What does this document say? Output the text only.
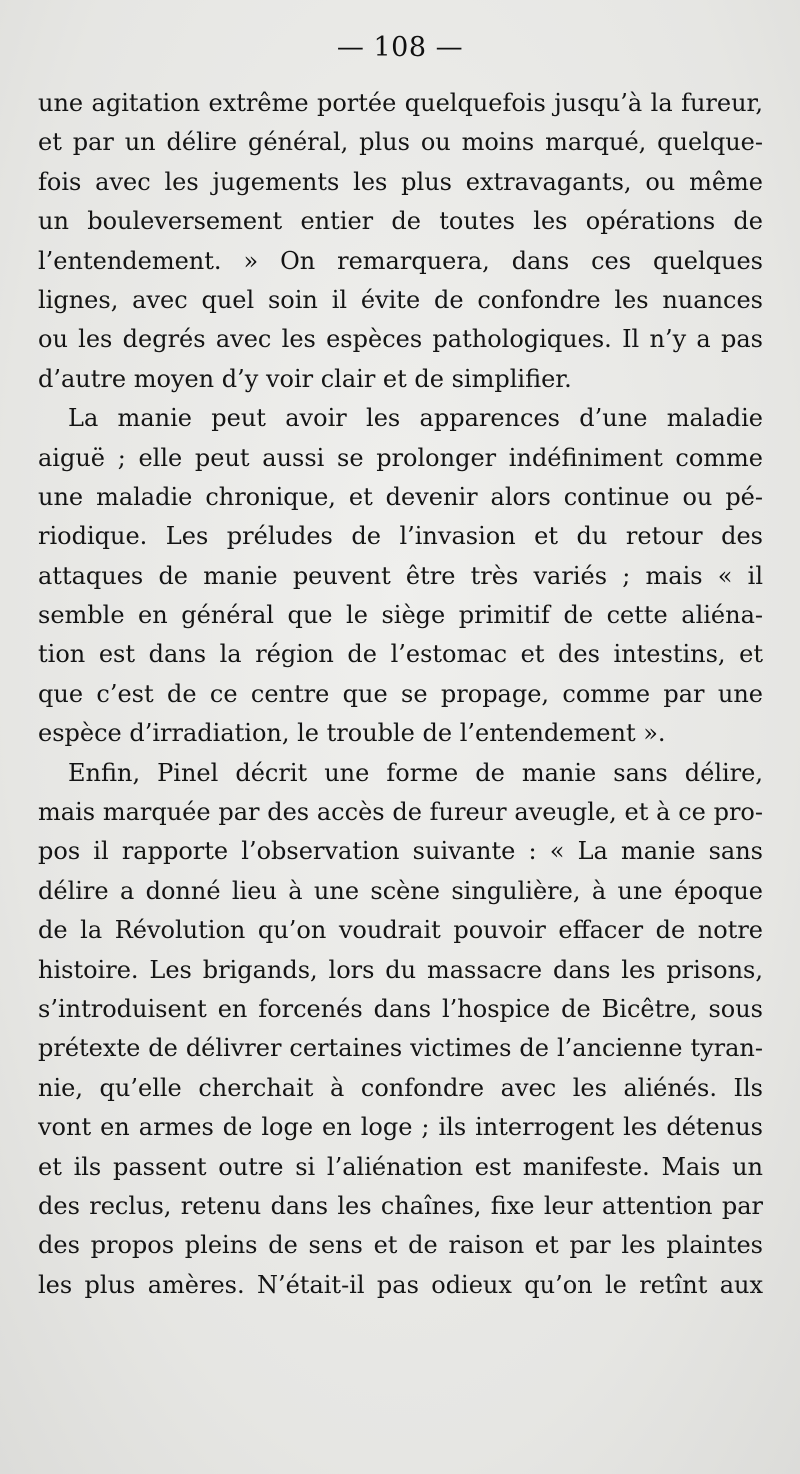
— 108 —
une agitation extrême portée quelquefois jusqu’à la fureur,
et par un délire général, plus ou moins marqué, quelque-
fois avec les jugements les plus extravagants, ou même
un bouleversement entier de toutes les opérations de
l’entendement. » On remarquera, dans ces quelques
lignes, avec quel soin il évite de confondre les nuances
ou les degrés avec les espèces pathologiques. Il n’y a pas
d’autre moyen d’y voir clair et de simplifier.
La manie peut avoir les apparences d’une maladie
aiguë ; elle peut aussi se prolonger indéfiniment comme
une maladie chronique, et devenir alors continue ou pé-
riodique. Les préludes de l’invasion et du retour des
attaques de manie peuvent être très variés ; mais « il
semble en général que le siège primitif de cette aliéna-
tion est dans la région de l’estomac et des intestins, et
que c’est de ce centre que se propage, comme par une
espèce d’irradiation, le trouble de l’entendement ».
Enfin, Pinel décrit une forme de manie sans délire,
mais marquée par des accès de fureur aveugle, et à ce pro-
pos il rapporte l’observation suivante : « La manie sans
délire a donné lieu à une scène singulière, à une époque
de la Révolution qu’on voudrait pouvoir effacer de notre
histoire. Les brigands, lors du massacre dans les prisons,
s’introduisent en forcenés dans l’hospice de Bicêtre, sous
prétexte de délivrer certaines victimes de l’ancienne tyran-
nie, qu’elle cherchait à confondre avec les aliénés. Ils
vont en armes de loge en loge ; ils interrogent les détenus
et ils passent outre si l’aliénation est manifeste. Mais un
des reclus, retenu dans les chaînes, fixe leur attention par
des propos pleins de sens et de raison et par les plaintes
les plus amères. N’était-il pas odieux qu’on le retînt aux
